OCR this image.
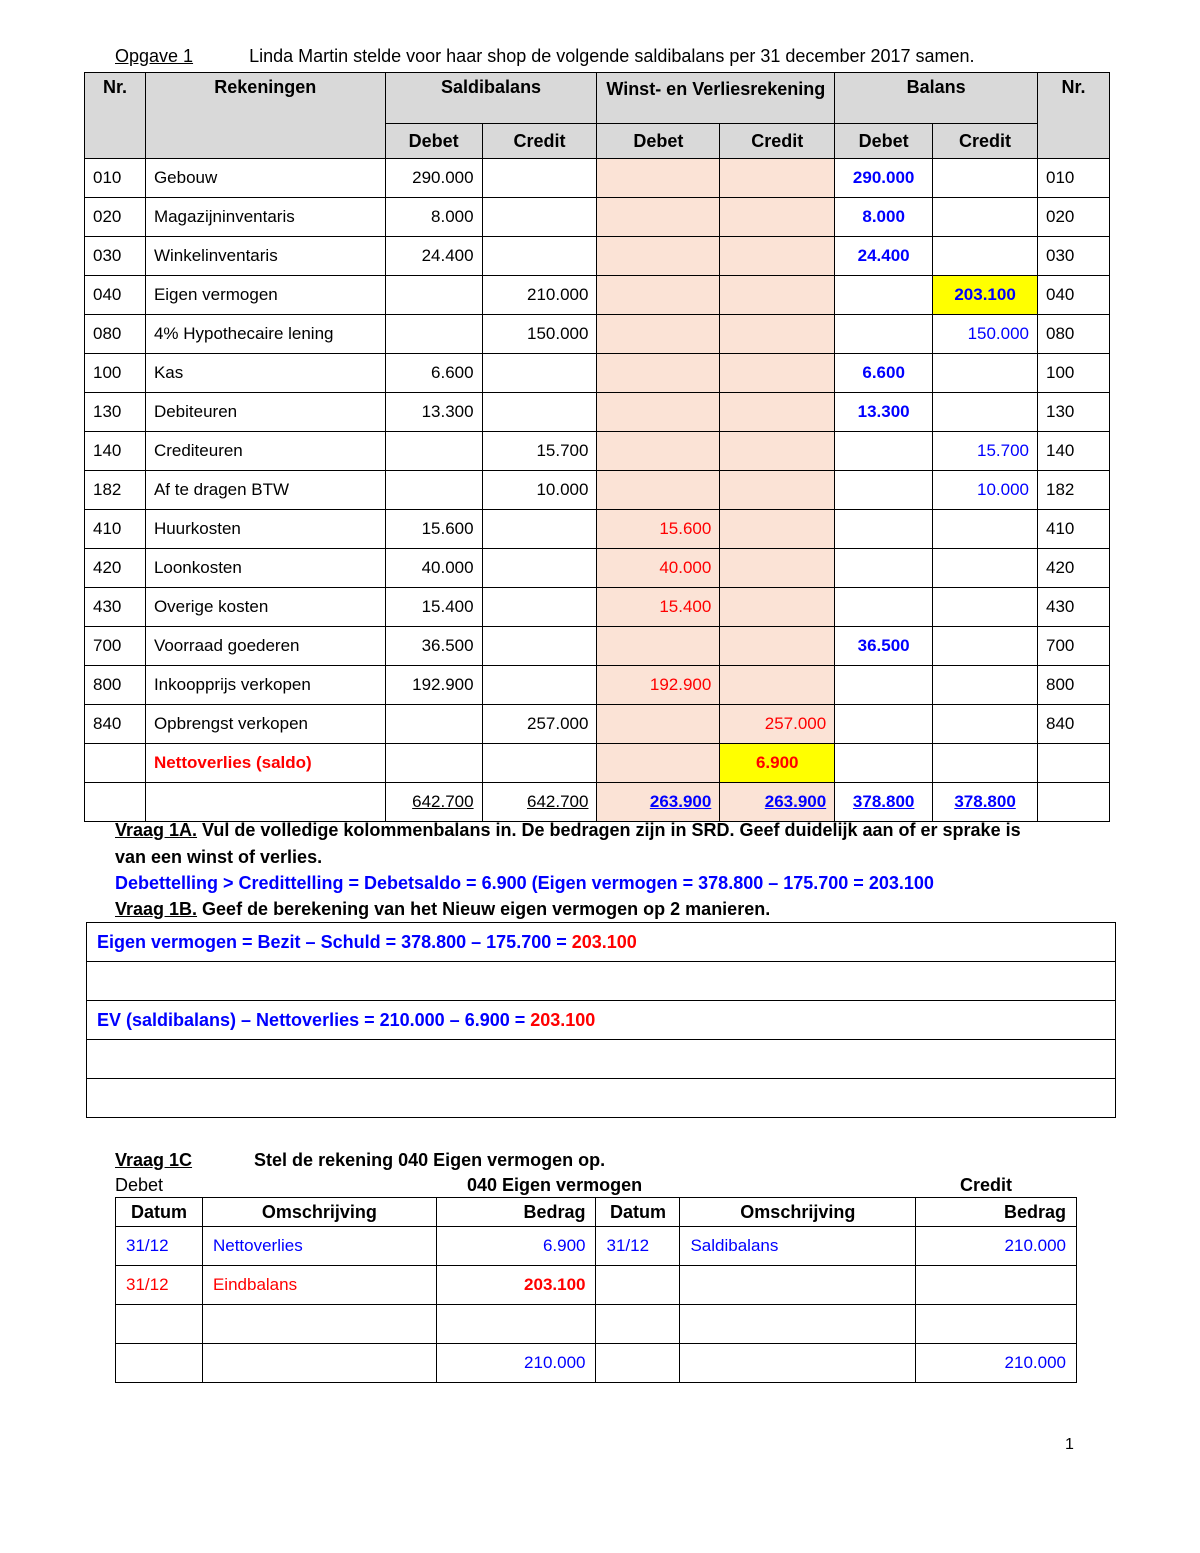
Opgave 1	Linda Martin stelde voor haar shop de volgende saldibalans per 31 december 2017 samen.
Nr.	Rekeningen	Saldibalans		Winst- en Verliesrekening		Balans		Nr.
		Debet	Credit	Debet	Credit	Debet	Credit	
010	Gebouw	290.000				290.000		010
020	Magazijninventaris	8.000				8.000		020
030	Winkelinventaris	24.400				24.400		030
040	Eigen vermogen		210.000				203.100	040
080	4% Hypothecaire lening		150.000				150.000	080
100	Kas	6.600				6.600		100
130	Debiteuren	13.300				13.300		130
140	Crediteuren		15.700				15.700	140
182	Af te dragen BTW		10.000				10.000	182
410	Huurkosten	15.600		15.600				410
420	Loonkosten	40.000		40.000				420
430	Overige kosten	15.400		15.400				430
700	Voorraad goederen	36.500				36.500		700
800	Inkoopprijs verkopen	192.900		192.900				800
840	Opbrengst verkopen		257.000		257.000			840
	Nettoverlies (saldo)				6.900			
		642.700	642.700	263.900	263.900	378.800	378.800	
Vraag 1A. Vul de volledige kolommenbalans in. De bedragen zijn in SRD. Geef duidelijk aan of er sprake is
van een winst of verlies.
Debettelling > Credittelling = Debetsaldo = 6.900 (Eigen vermogen = 378.800 – 175.700 = 203.100
Vraag 1B. Geef de berekening van het Nieuw eigen vermogen op 2 manieren.
Eigen vermogen = Bezit – Schuld = 378.800 – 175.700 = 203.100

EV (saldibalans) – Nettoverlies = 210.000 – 6.900 = 203.100

Vraag 1C	Stel de rekening 040 Eigen vermogen op.
Debet	040 Eigen vermogen	Credit
Datum	Omschrijving	Bedrag	Datum	Omschrijving	Bedrag
31/12	Nettoverlies	6.900	31/12	Saldibalans	210.000
31/12	Eindbalans	203.100			

		210.000			210.000
1
